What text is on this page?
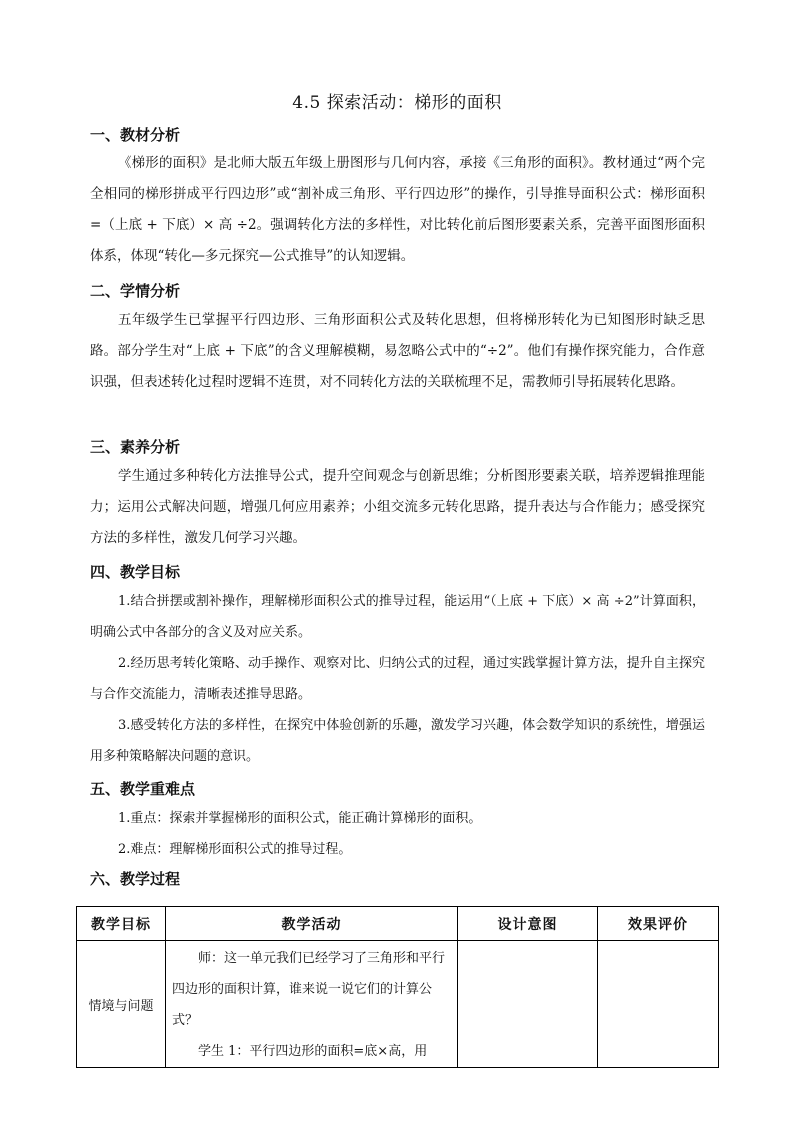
4.5 探索活动：梯形的面积
一、教材分析
《梯形的面积》是北师大版五年级上册图形与几何内容，承接《三角形的面积》。教材通过“两个完全相同的梯形拼成平行四边形”或“割补成三角形、平行四边形”的操作，引导推导面积公式：梯形面积 =（上底 + 下底）× 高 ÷2。强调转化方法的多样性，对比转化前后图形要素关系，完善平面图形面积体系，体现“转化—多元探究—公式推导”的认知逻辑。
二、学情分析
五年级学生已掌握平行四边形、三角形面积公式及转化思想，但将梯形转化为已知图形时缺乏思路。部分学生对“上底 + 下底”的含义理解模糊，易忽略公式中的“÷2”。他们有操作探究能力，合作意识强，但表述转化过程时逻辑不连贯，对不同转化方法的关联梳理不足，需教师引导拓展转化思路。
三、素养分析
学生通过多种转化方法推导公式，提升空间观念与创新思维；分析图形要素关联，培养逻辑推理能力；运用公式解决问题，增强几何应用素养；小组交流多元转化思路，提升表达与合作能力；感受探究方法的多样性，激发几何学习兴趣。
四、教学目标
1.结合拼摆或割补操作，理解梯形面积公式的推导过程，能运用“（上底 + 下底）× 高 ÷2”计算面积，明确公式中各部分的含义及对应关系。
2.经历思考转化策略、动手操作、观察对比、归纳公式的过程，通过实践掌握计算方法，提升自主探究与合作交流能力，清晰表述推导思路。
3.感受转化方法的多样性，在探究中体验创新的乐趣，激发学习兴趣，体会数学知识的系统性，增强运用多种策略解决问题的意识。
五、教学重难点
1.重点：探索并掌握梯形的面积公式，能正确计算梯形的面积。
2.难点：理解梯形面积公式的推导过程。
六、教学过程
教学目标	教学活动	设计意图	效果评价
情境与问题	师：这一单元我们已经学习了三角形和平行四边形的面积计算，谁来说一说它们的计算公式？
学生 1：平行四边形的面积=底×高，用		
